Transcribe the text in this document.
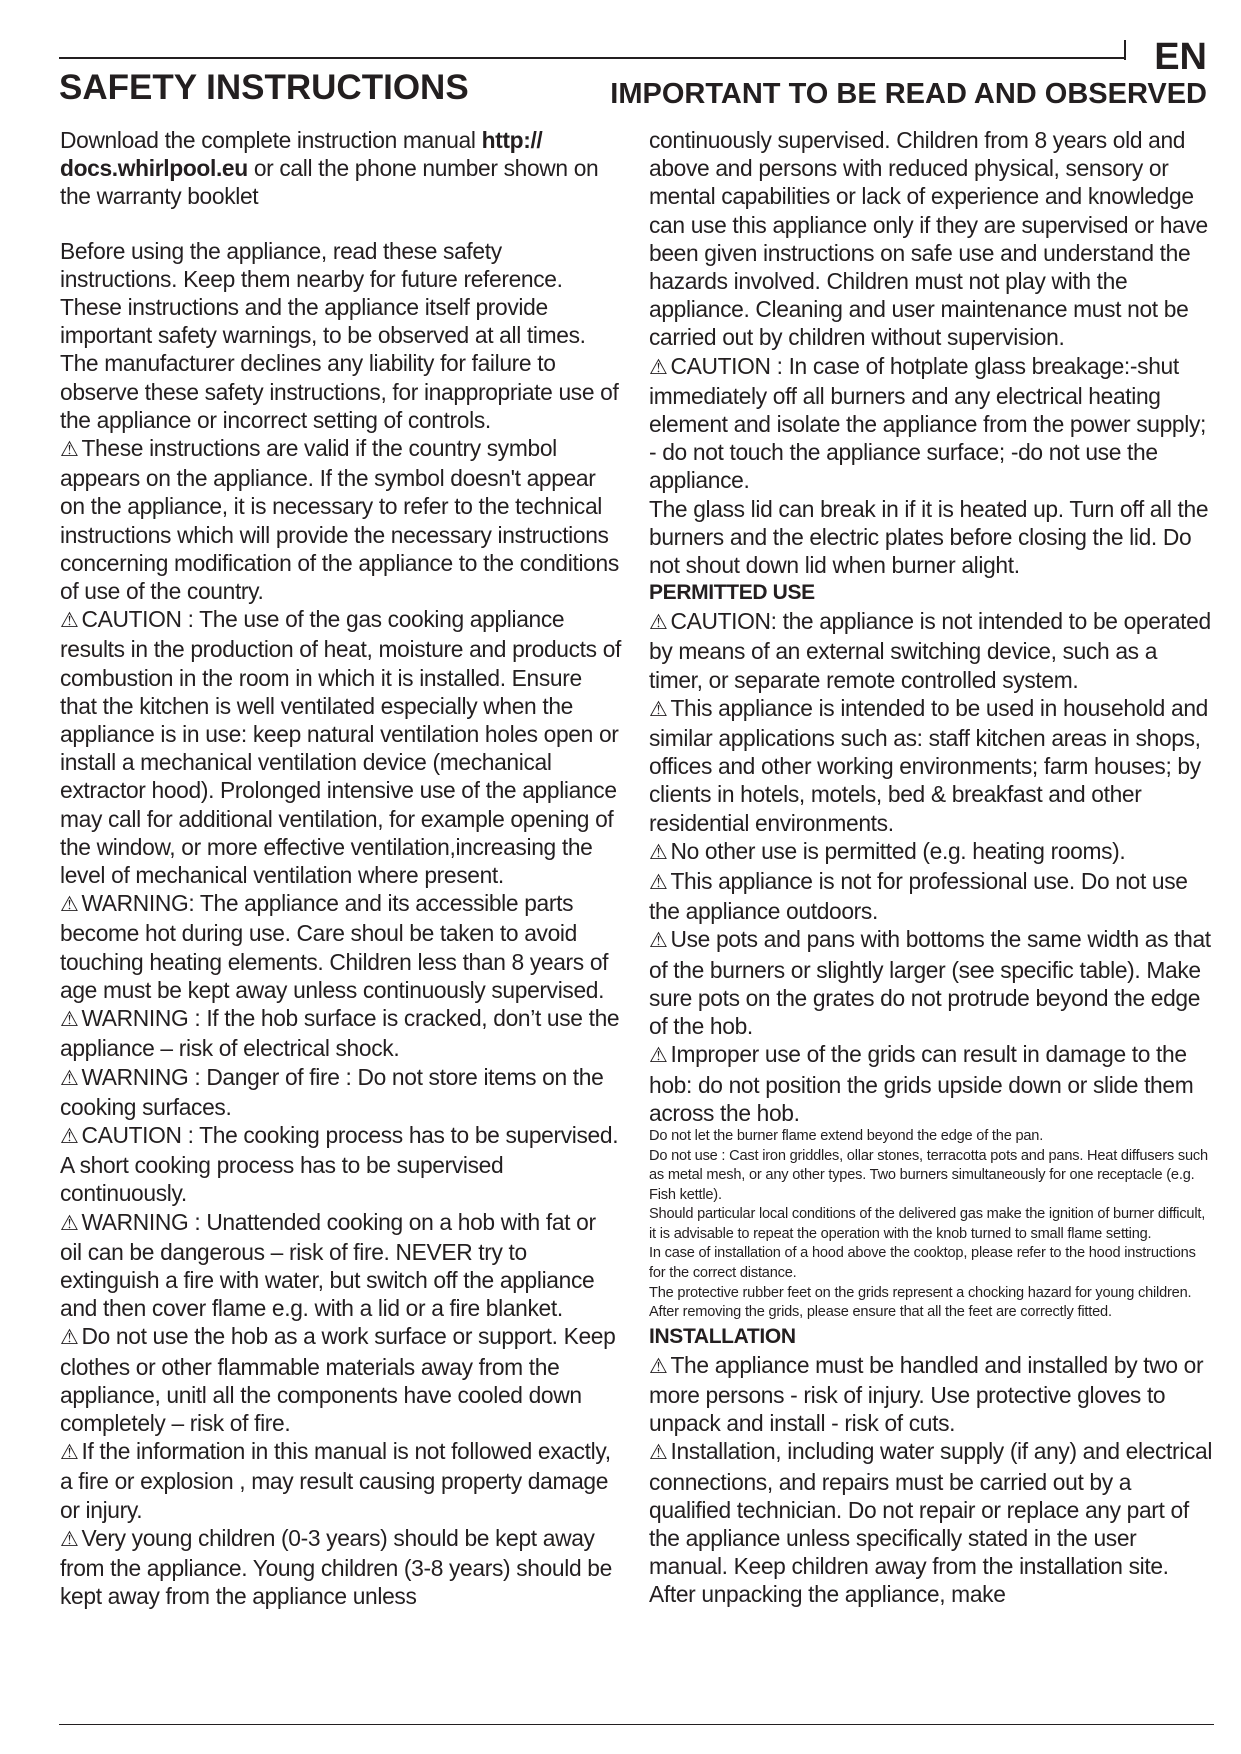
EN
SAFETY INSTRUCTIONS	IMPORTANT TO BE READ AND OBSERVED

Download the complete instruction manual http:// docs.whirlpool.eu or call the phone number shown on the warranty booklet

Before using the appliance, read these safety instructions. Keep them nearby for future reference. These instructions and the appliance itself provide important safety warnings, to be observed at all times. The manufacturer declines any liability for failure to observe these safety instructions, for inappropriate use of the appliance or incorrect setting of controls.

⚠ These instructions are valid if the country symbol appears on the appliance. If the symbol doesn't appear on the appliance, it is necessary to refer to the technical instructions which will provide the necessary instructions concerning modification of the appliance to the conditions of use of the country.

⚠ CAUTION : The use of the gas cooking appliance results in the production of heat, moisture and products of combustion in the room in which it is installed. Ensure that the kitchen is well ventilated especially when the appliance is in use: keep natural ventilation holes open or install a mechanical ventilation device (mechanical extractor hood). Prolonged intensive use of the appliance may call for additional ventilation, for example opening of the window, or more effective ventilation,increasing the level of mechanical ventilation where present.

⚠ WARNING: The appliance and its accessible parts become hot during use. Care shoul be taken to avoid touching heating elements. Children less than 8 years of age must be kept away unless continuously supervised.

⚠ WARNING : If the hob surface is cracked, don’t use the appliance – risk of electrical shock.

⚠ WARNING : Danger of fire : Do not store items on the cooking surfaces.

⚠ CAUTION : The cooking process has to be supervised. A short cooking process has to be supervised continuously.

⚠ WARNING : Unattended cooking on a hob with fat or oil can be dangerous – risk of fire. NEVER try to extinguish a fire with water, but switch off the appliance and then cover flame e.g. with a lid or a fire blanket.

⚠ Do not use the hob as a work surface or support. Keep clothes or other flammable materials away from the appliance, unitl all the components have cooled down completely – risk of fire.

⚠ If the information in this manual is not followed exactly, a fire or explosion , may result causing property damage or injury.

⚠ Very young children (0-3 years) should be kept away from the appliance. Young children (3-8 years) should be kept away from the appliance unless

continuously supervised. Children from 8 years old and above and persons with reduced physical, sensory or mental capabilities or lack of experience and knowledge can use this appliance only if they are supervised or have been given instructions on safe use and understand the hazards involved. Children must not play with the appliance. Cleaning and user maintenance must not be carried out by children without supervision.

⚠ CAUTION : In case of hotplate glass breakage:-shut immediately off all burners and any electrical heating element and isolate the appliance from the power supply; - do not touch the appliance surface; -do not use the appliance.

The glass lid can break in if it is heated up. Turn off all the burners and the electric plates before closing the lid. Do not shout down lid when burner alight.

PERMITTED USE

⚠ CAUTION: the appliance is not intended to be operated by means of an external switching device, such as a timer, or separate remote controlled system.

⚠ This appliance is intended to be used in household and similar applications such as: staff kitchen areas in shops, offices and other working environments; farm houses; by clients in hotels, motels, bed & breakfast and other residential environments.

⚠ No other use is permitted (e.g. heating rooms).

⚠ This appliance is not for professional use. Do not use the appliance outdoors.

⚠ Use pots and pans with bottoms the same width as that of the burners or slightly larger (see specific table). Make sure pots on the grates do not protrude beyond the edge of the hob.

⚠ Improper use of the grids can result in damage to the hob: do not position the grids upside down or slide them across the hob.

Do not let the burner flame extend beyond the edge of the pan.

Do not use : Cast iron griddles, ollar stones, terracotta pots and pans. Heat diffusers such as metal mesh, or any other types. Two burners simultaneously for one receptacle (e.g. Fish kettle).

Should particular local conditions of the delivered gas make the ignition of burner difficult, it is advisable to repeat the operation with the knob turned to small flame setting.

In case of installation of a hood above the cooktop, please refer to the hood instructions for the correct distance.

The protective rubber feet on the grids represent a chocking hazard for young children. After removing the grids, please ensure that all the feet are correctly fitted.

INSTALLATION

⚠ The appliance must be handled and installed by two or more persons - risk of injury. Use protective gloves to unpack and install - risk of cuts.

⚠ Installation, including water supply (if any) and electrical connections, and repairs must be carried out by a qualified technician. Do not repair or replace any part of the appliance unless specifically stated in the user manual. Keep children away from the installation site. After unpacking the appliance, make
